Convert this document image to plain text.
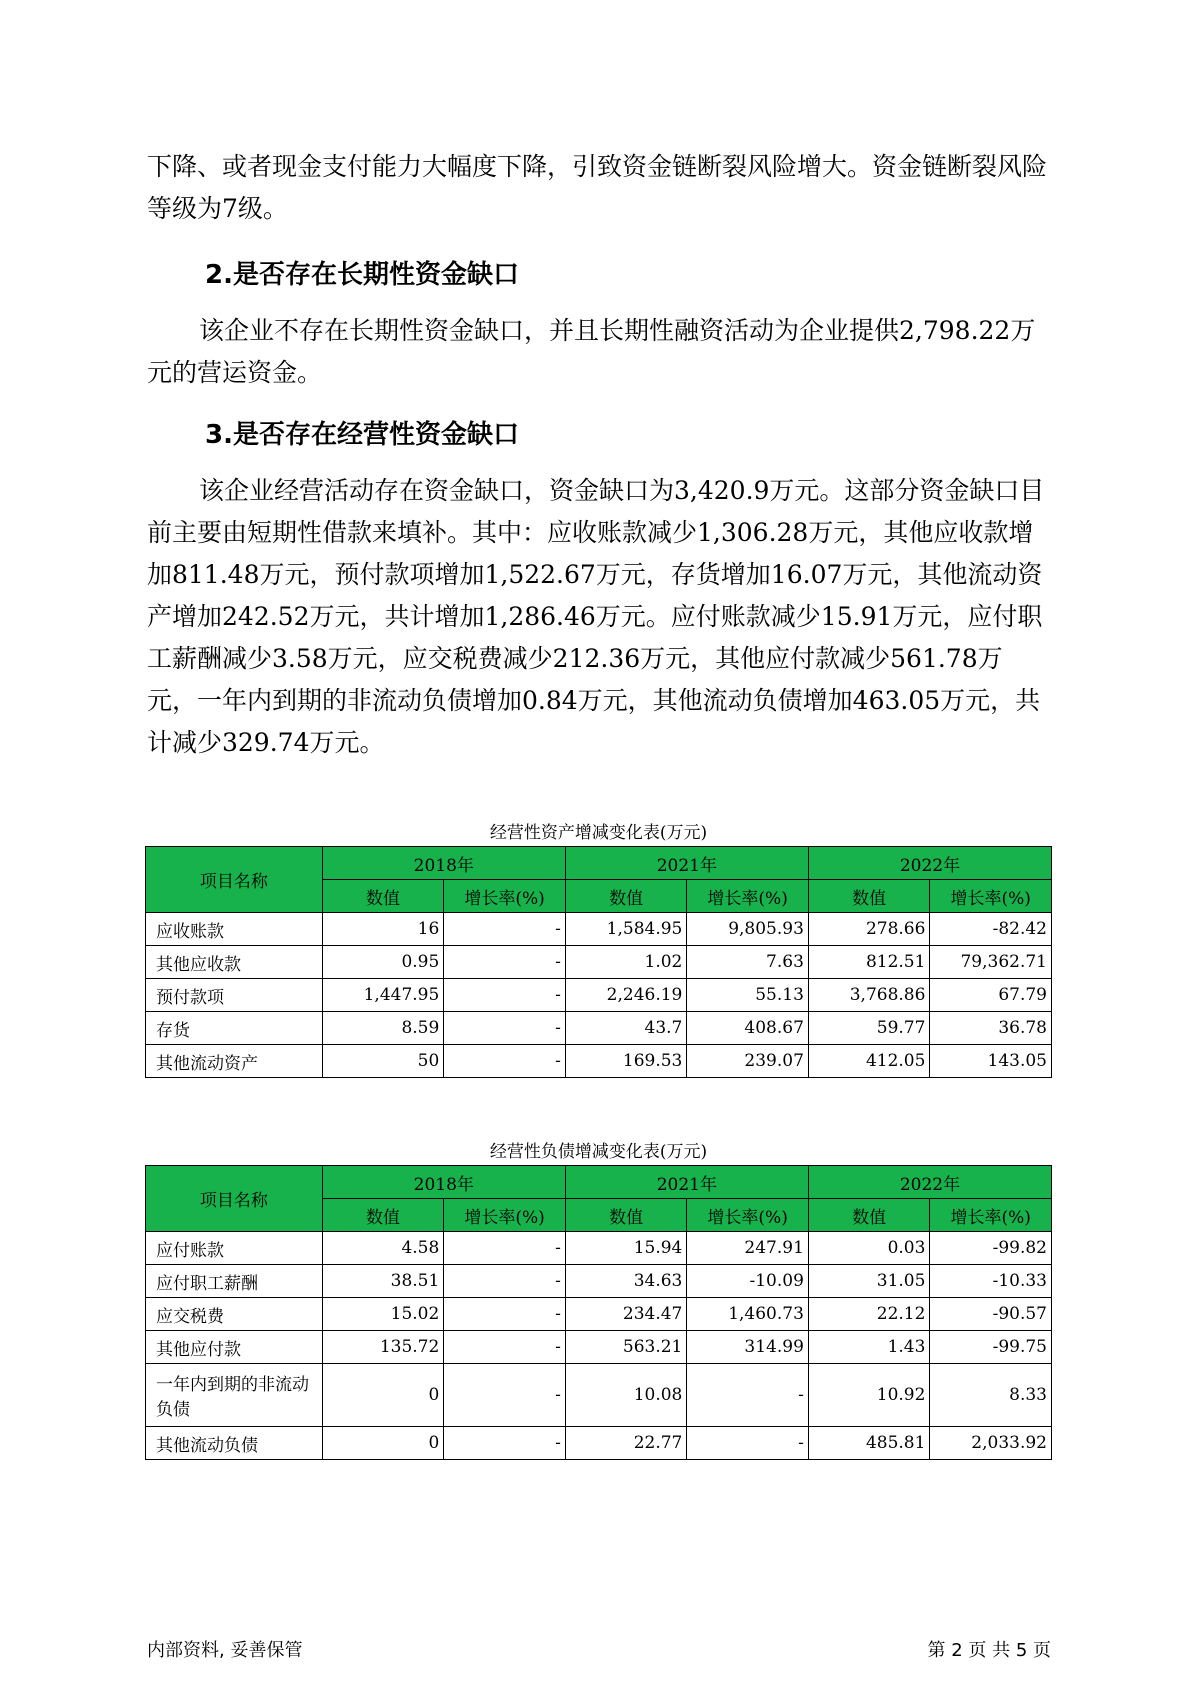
下降、或者现金支付能力大幅度下降，引致资金链断裂风险增大。资金链断裂风险等级为7级。

2.是否存在长期性资金缺口

该企业不存在长期性资金缺口，并且长期性融资活动为企业提供2,798.22万元的营运资金。

3.是否存在经营性资金缺口

该企业经营活动存在资金缺口，资金缺口为3,420.9万元。这部分资金缺口目前主要由短期性借款来填补。其中：应收账款减少1,306.28万元，其他应收款增加811.48万元，预付款项增加1,522.67万元，存货增加16.07万元，其他流动资产增加242.52万元，共计增加1,286.46万元。应付账款减少15.91万元，应付职工薪酬减少3.58万元，应交税费减少212.36万元，其他应付款减少561.78万元，一年内到期的非流动负债增加0.84万元，其他流动负债增加463.05万元，共计减少329.74万元。

经营性资产增减变化表(万元)
项目名称	2018年		2021年		2022年	
	数值	增长率(%)	数值	增长率(%)	数值	增长率(%)
应收账款	16	-	1,584.95	9,805.93	278.66	-82.42
其他应收款	0.95	-	1.02	7.63	812.51	79,362.71
预付款项	1,447.95	-	2,246.19	55.13	3,768.86	67.79
存货	8.59	-	43.7	408.67	59.77	36.78
其他流动资产	50	-	169.53	239.07	412.05	143.05
经营性负债增减变化表(万元)
项目名称	2018年		2021年		2022年	
	数值	增长率(%)	数值	增长率(%)	数值	增长率(%)
应付账款	4.58	-	15.94	247.91	0.03	-99.82
应付职工薪酬	38.51	-	34.63	-10.09	31.05	-10.33
应交税费	15.02	-	234.47	1,460.73	22.12	-90.57
其他应付款	135.72	-	563.21	314.99	1.43	-99.75
一年内到期的非流动负债	0	-	10.08	-	10.92	8.33
其他流动负债	0	-	22.77	-	485.81	2,033.92
内部资料, 妥善保管	第 2 页 共 5 页
